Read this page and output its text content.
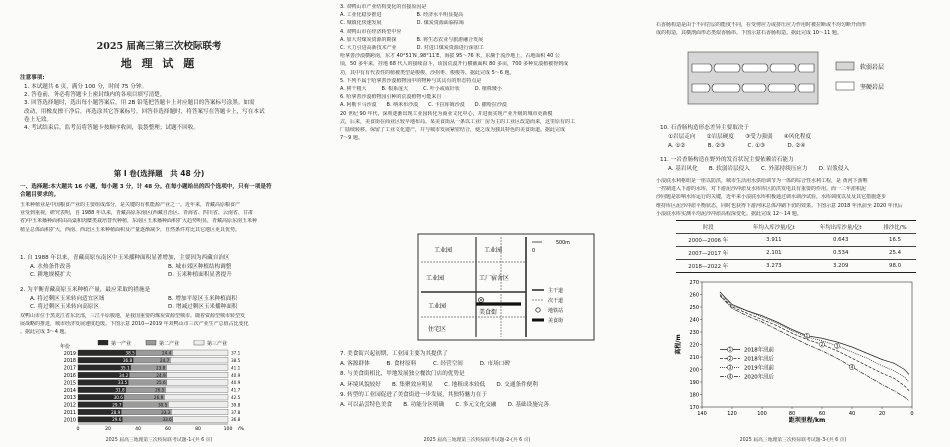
2025 届高三第三次校际联考
地 理 试 题
注意事项:
1. 本试题共 6 页，满分 100 分，时间 75 分钟。
2. 答卷前，务必将答题卡上密封线内的各项目填写清楚。
3. 回答选择题时，选出每小题答案后，用 2B 铅笔把答题卡上对应题目的答案标号涂黑。如需
改动，用橡皮擦干净后，再选涂其它答案标号。回答非选择题时，将答案写在答题卡上，写在本试
卷上无效。
4. 考试结束后，监考员将答题卡按顺序收回，装袋整理；试题不回收。
第 Ⅰ 卷(选择题　共 48 分)
一、选择题:本大题共 16 小题，每小题 3 分，计 48 分。在每小题给出的四个选项中，只有一项是符
合题目要求的。
玉米种植业是中国粮食产业的主要组成部分，是关键的有机能源产业之一。近年来，青藏高原粮食产
业受到重视，研究表明，自 1988 年以来，青藏高原东南区(西藏自治区、青海省、四川省、云南省、甘肃
省)中玉米播种面积由高粱和肉糜类栽培替代种植，东南区玉米播种面积扩大趋势明显，青藏高原东南玉米种
植呈总体面积扩大，西南、西北区玉米种植面积及产量逐渐减少，自然条件对比其它地区更具优势。
1. 自 1988 年以来，青藏高原东南区中玉米播种面积显著增加，主要因为西藏自治区
A. 水热条件改善	B. 城市郊区种植结构调整
C. 耕地规模扩大	D. 玉米种植面积显著提升
2. 为平衡青藏高原玉米种植产量，最应采取的措施是
A. 将过剩区玉米转向适宜区域	B. 增加平原区玉米种植面积
C. 将过剩区玉米转向高原区	D. 增减过剩区玉米播种面积
双鸭山市位于黑龙江省东北部，三江平原腹地，是我国重要的煤炭资源型城市。随着资源型城市转型发
展战略的推进，城市经济发展速度趋缓。下图示意 2010—2019 年双鸭山市三次产业生产总值占比变化
。据此完成 3～4 题。
第一产业	第二产业	第三产业
年份
2019	38.5	24.4	37.1
2018	36.8	24.7	38.5
2017	35.1	23.8	41.1
2016	34.2	24.9	40.9
2015	33.5	25.6	40.9
2014	31.8	26.5	41.7
2013	30.6	26.9	42.5
2012	29.7	30.5	39.8
2011	28.9	33.3	37.8
2010	29.6	33.6	36.8
0	20	40	60	80	100 /%
2025 届高三地理第三次校际联考试题-1-(共 6 页)
3. 双鸭山市产业结构变化的直接原因是
A. 工业化稳步推进　　　　　　　B. 经济水平明显提高
C. 城镇化快速发展　　　　　　　D. 煤炭资源面临枯竭
4. 双鸭山市在经济转型中应
A. 加大对煤炭资源的勘探　　　　B. 将生态农业与旅游融合发展
C. 大力引进高新技术产业　　　　D. 对进口煤炭资源进行深加工
哈拿善沙漠横跨南，东才 40°51′N ,98°11′E，海拔 95～76 米，东濒于流沙地上，占地面积 40 公
顷，50 多年来，挂地 68 代人的接续奋斗，该国荒漠开行横截面积 80 多亩，700 多种荒漠植被得到成
功，其中有有代表性的植被类型是梭梭、沙拐枣、梭梭等。据此完成 5～6 题。
5. 下列不属于哈拿善沙漠植物园中的物种与其具有的形态特点是
A. 树干粗大　　　B. 根系庞大　　　C. 叶小或成针状　　　D. 植株矮小
6. 哈拿善沙漠植物园引种的荒漠植物可能来自
A. 阿勒卡马沙漠　　B. 纳米布沙漠　　C. 卡拉库姆沙漠　　D. 撒哈拉沙漠
20 世纪 90 年代，深圳逐渐出现工业园转化为商业文化中心，并进而实现产业升级的城市更新模
式，后来，美食街在商业区较早地布局。某美食街从一条以工业厂房为主的工业区改造而来，这里原有的工
厂陆续转移，保留了工业文化遗产，并与城市发展紧密结合，使之成为独具特色的美食街道。据此完成
7～9 题。
工业园	工业园
工业园	工厂宿舍区
工业园
美食街
住宅区
0
500m
主干道
次干道
地铁站
美食街
7. 美食街兴起初期，工业园主要为其提供了
A. 客源群体　　　B. 食材原料　　　C. 经营空间　　　D. 市场口碑
8. 与美食街相比，甲地发展独立餐饮门店的优势是
A. 环境风貌较好　　B. 集聚效应明显　　C. 地租成本较低　　D. 交通条件便利
9. 转型的工业园促进了美食街进一步发展，其独特魅力在于
A. 可以品尝特色美食　　B. 功能分区明确　　C. 多元文化交融　　D. 基础设施完善
2025 届高三地理第三次校际联考试题-2-(共 6 页)
石香肠构造是由于不同岩层的能度不同，在受剪应力或挤压应力作用时被拉断或不均匀断开而形
成的构造，其横剖面形态类似香肠串。下图示意石香肠构造。据此完成 10～11 题。
软弱岩层
坚硬岩层
10. 石香肠构造形态差异主要取决于
①岩层走向　　②岩层硬度　　③受力强弱　　④风化程度
A. ①②　　　　B. ②③　　　　C. ①③　　　　D. ②④
11. 一岩香肠构造在野外的发育状况主要依赖岩石能力
A. 基岩风化　　B. 软弱岩层侵入　　C. 外部持续压应力　　D. 岩浆侵入
小浪底水利枢纽是一座以防洪，城市生活用水供给调节为一体的综合性水利工程，是 黄河下游唯
一控制进入下游的水库，对下游泥沙冲淤及水库库区防洪发电具有重要的作用。而一二年淤积泥
沙问题是影响水库运行的关键，近年来小浪底水库积极通过调水调沙试验，水库调度以及及其它措施逐步
维持库区泥沙冲淤平衡状态，同时也获得下游河床总体冲刷下切的效果。下图示意 2018 年汛前至 2020 年汛后
小浪底水库实测平均泥沙冲淤高程深变化。据此完成 12～14 题。
时段	年均入库沙量/亿t	年均出库沙量/亿t	排沙比/%
2000—2006 年	3.911	0.643	16.5
2007—2017 年	2.101	0.534	25.4
2018—2022 年	3.273	3.209	98.0
270
260
250
240
230
220
210
200
190
180
170
140	120	100	80	60	40	20	0
距坝里程/km
高程/m	1
2	3
4
1 2018年汛前
2 2018年汛后
3 2019年汛前
4 2020年汛后
2025 届高三地理第三次校际联考试题-3-(共 6 页)
